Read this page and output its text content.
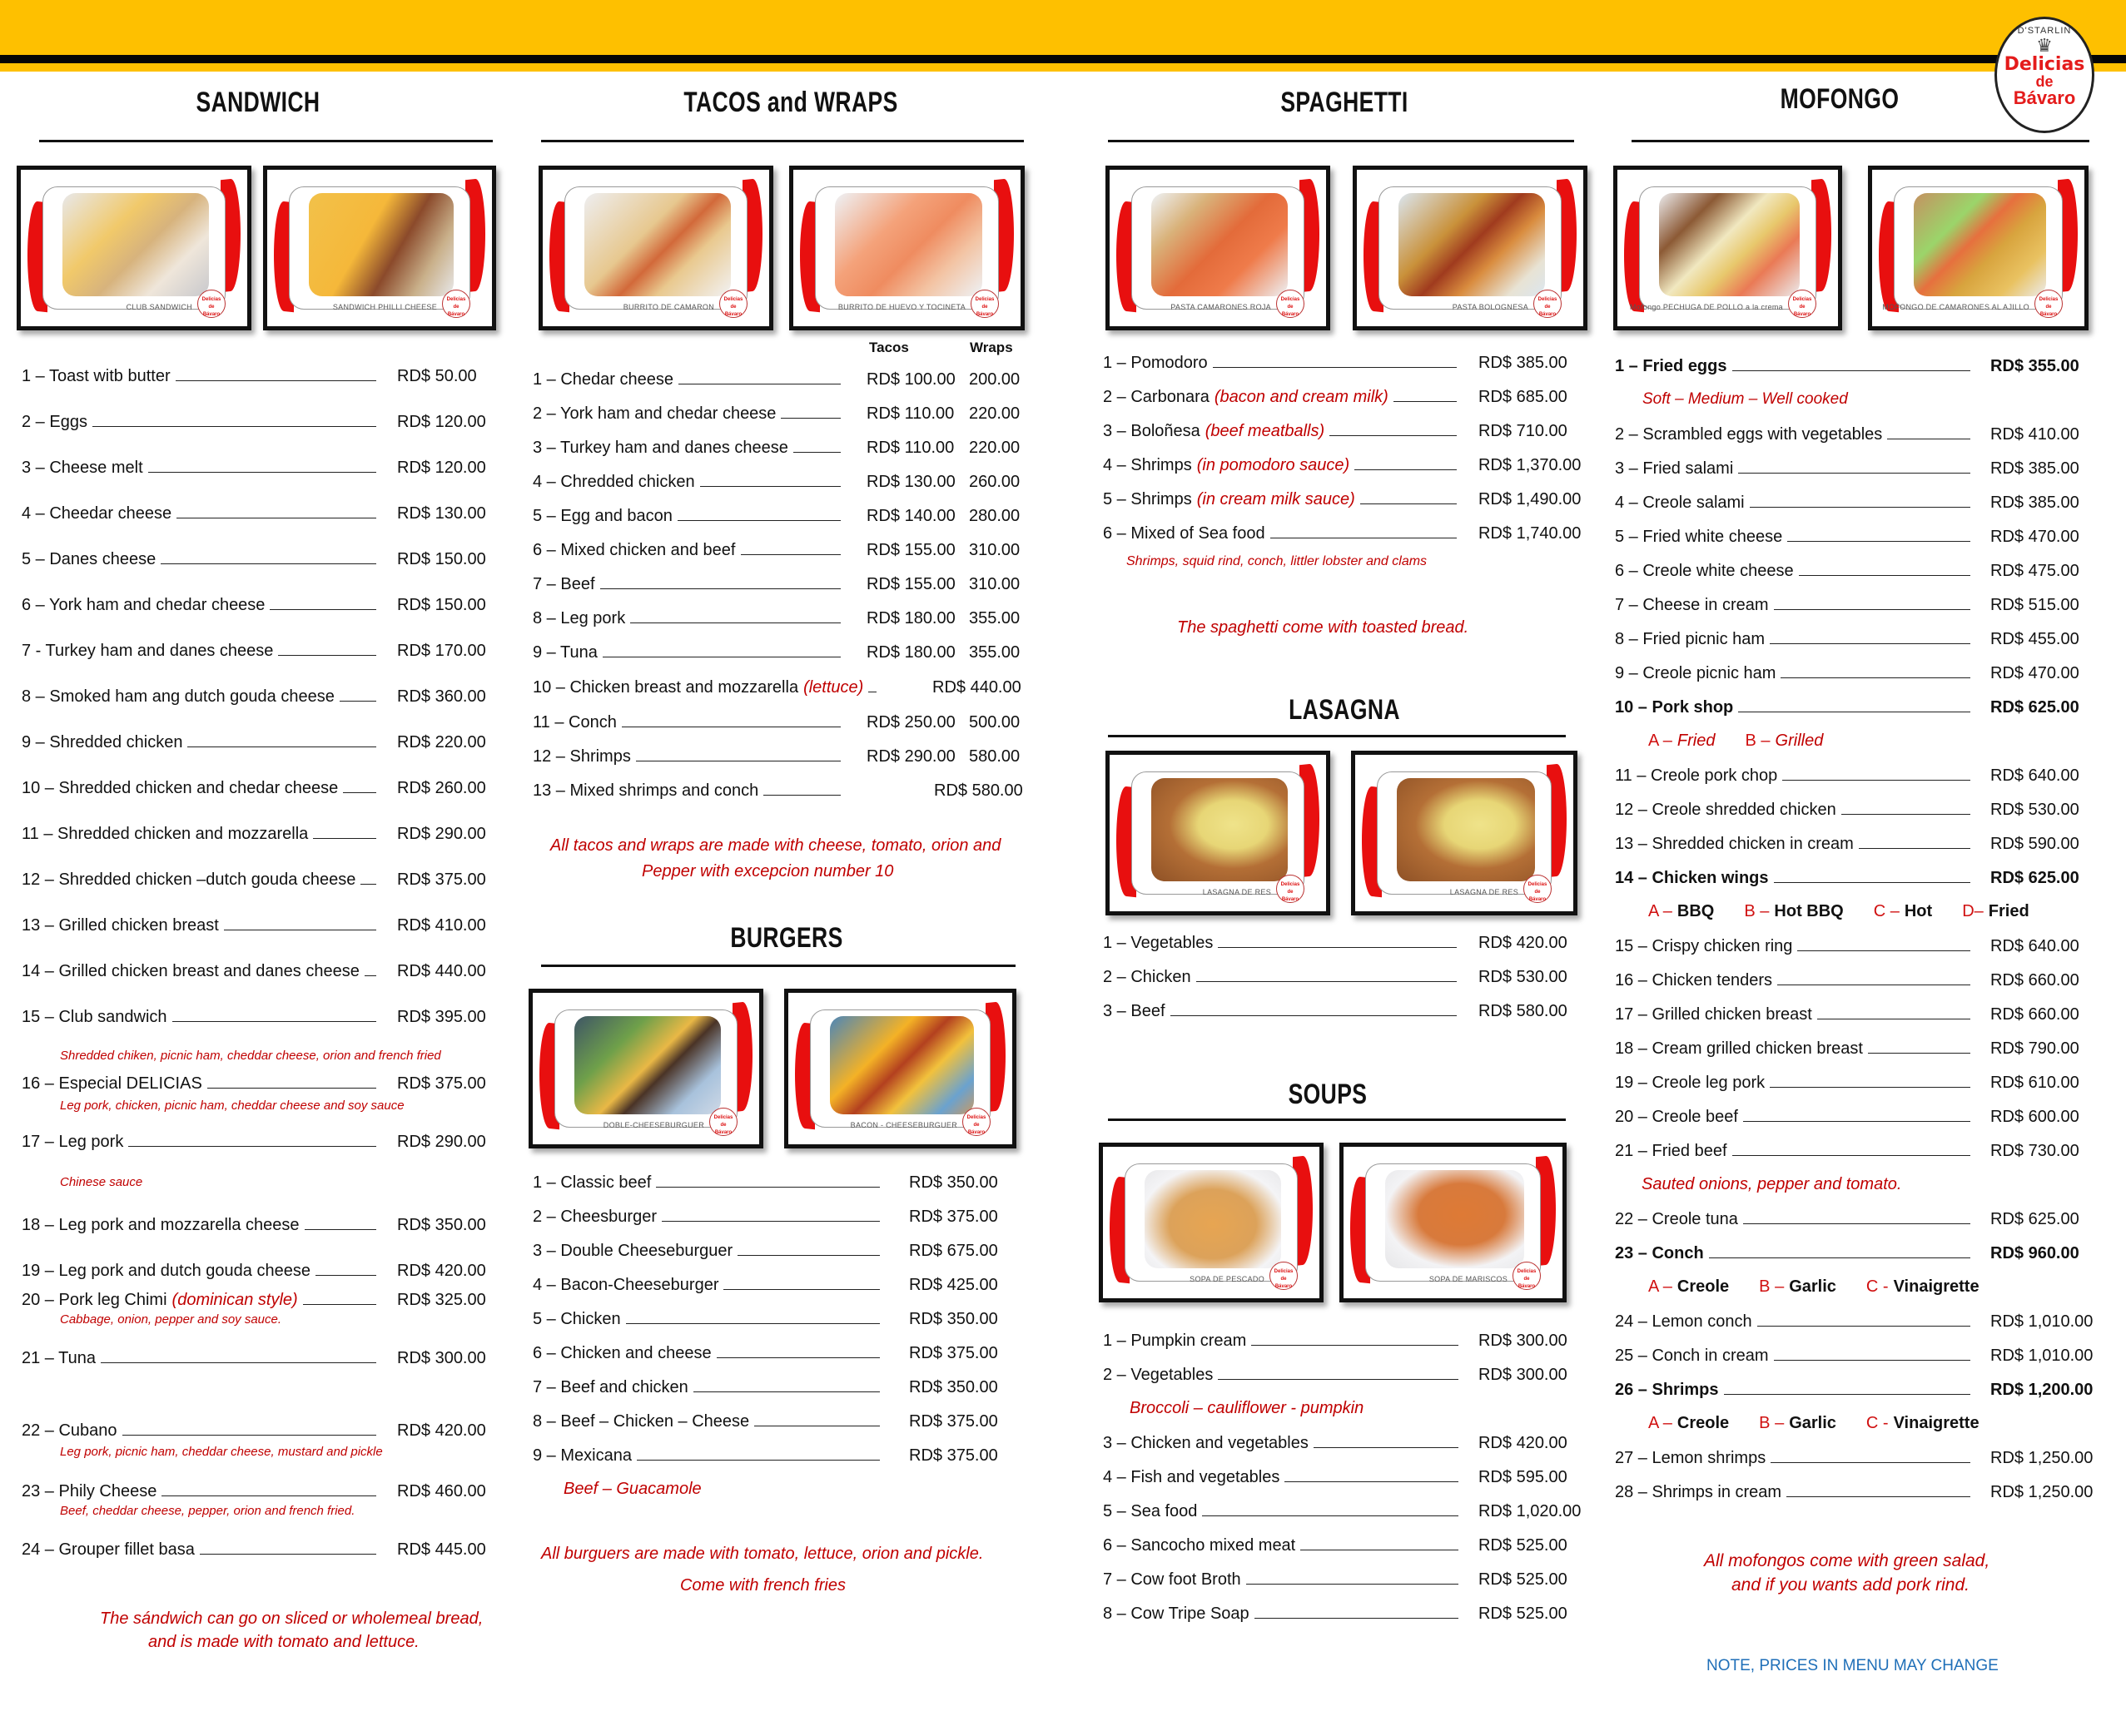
D'STARLIN
♛
Delicias
de
Bávaro
SANDWICH
CLUB SANDWICH
Delicias
de
Bávaro
SANDWICH PHILLI CHEESE
Delicias
de
Bávaro
1 – Toast witb butter	RD$ 50.00
2 – Eggs	RD$ 120.00
3 – Cheese melt	RD$ 120.00
4 – Cheedar cheese	RD$ 130.00
5 – Danes cheese	RD$ 150.00
6 – York ham and chedar cheese	RD$ 150.00
7 - Turkey ham and danes cheese	RD$ 170.00
8 – Smoked ham ang dutch gouda cheese	RD$ 360.00
9 – Shredded chicken	RD$ 220.00
10 – Shredded chicken and chedar cheese	RD$ 260.00
11 – Shredded chicken and mozzarella	RD$ 290.00
12 – Shredded chicken –dutch gouda cheese	RD$ 375.00
13 – Grilled chicken breast	RD$ 410.00
14 – Grilled chicken breast and danes cheese	RD$ 440.00
15 – Club sandwich	RD$ 395.00
Shredded chiken, picnic ham, cheddar cheese, orion and french fried
16 – Especial DELICIAS	RD$ 375.00
Leg pork, chicken, picnic ham, cheddar cheese and soy sauce
17 – Leg pork	RD$ 290.00
Chinese sauce
18 – Leg pork and mozzarella cheese	RD$ 350.00
19 – Leg pork and dutch gouda cheese	RD$ 420.00
20 – Pork leg Chimi (dominican style)	RD$ 325.00
Cabbage, onion, pepper and soy sauce.
21 – Tuna	RD$ 300.00
22 – Cubano	RD$ 420.00
Leg pork, picnic ham, cheddar cheese, mustard and pickle
23 – Phily Cheese	RD$ 460.00
Beef, cheddar cheese, pepper, orion and french fried.
24 – Grouper fillet basa	RD$ 445.00
The sándwich can go on sliced or wholemeal bread,
and is made with tomato and lettuce.
TACOS and WRAPS
BURRITO DE CAMARON
Delicias
de
Bávaro
BURRITO DE HUEVO Y TOCINETA
Delicias
de
Bávaro
Tacos	Wraps
1 – Chedar cheese	RD$ 100.00 200.00
2 – York ham and chedar cheese	RD$ 110.00 220.00
3 – Turkey ham and danes cheese	RD$ 110.00 220.00
4 – Chredded chicken	RD$ 130.00 260.00
5 – Egg and bacon	RD$ 140.00 280.00
6 – Mixed chicken and beef	RD$ 155.00 310.00
7 – Beef	RD$ 155.00 310.00
8 – Leg pork	RD$ 180.00 355.00
9 – Tuna	RD$ 180.00 355.00
10 – Chicken breast and mozzarella (lettuce)	RD$ 440.00
11 – Conch	RD$ 250.00 500.00
12 – Shrimps	RD$ 290.00 580.00
13 – Mixed shrimps and conch	RD$ 580.00
All tacos and wraps are made with cheese, tomato, orion and
Pepper with excepcion number 10
BURGERS
DOBLE-CHEESEBURGUER
Delicias
de
Bávaro
BACON - CHEESEBURGUER
Delicias
de
Bávaro
1 – Classic beef	RD$ 350.00
2 – Cheesburger	RD$ 375.00
3 – Double Cheeseburguer	RD$ 675.00
4 – Bacon-Cheeseburger	RD$ 425.00
5 – Chicken	RD$ 350.00
6 – Chicken and cheese	RD$ 375.00
7 – Beef and chicken	RD$ 350.00
8 – Beef – Chicken – Cheese	RD$ 375.00
9 – Mexicana	RD$ 375.00
Beef – Guacamole
All burguers are made with tomato, lettuce, orion and pickle.
Come with french fries
SPAGHETTI
PASTA CAMARONES ROJA
Delicias
de
Bávaro
PASTA BOLOGNESA
Delicias
de
Bávaro
1 – Pomodoro	RD$ 385.00
2 – Carbonara (bacon and cream milk)	RD$ 685.00
3 – Boloñesa (beef meatballs)	RD$ 710.00
4 – Shrimps (in pomodoro sauce)	RD$ 1,370.00
5 – Shrimps (in cream milk sauce)	RD$ 1,490.00
6 – Mixed of Sea food	RD$ 1,740.00
Shrimps, squid rind, conch, littler lobster and clams
The spaghetti come with toasted bread.
LASAGNA
LASAGNA DE RES
Delicias
de
Bávaro
LASAGNA DE RES
Delicias
de
Bávaro
1 – Vegetables	RD$ 420.00
2 – Chicken	RD$ 530.00
3 – Beef	RD$ 580.00
SOUPS
SOPA DE PESCADO
Delicias
de
Bávaro
SOPA DE MARISCOS
Delicias
de
Bávaro
1 – Pumpkin cream	RD$ 300.00
2 – Vegetables	RD$ 300.00
Broccoli – cauliflower - pumpkin
3 – Chicken and vegetables	RD$ 420.00
4 – Fish and vegetables	RD$ 595.00
5 – Sea food	RD$ 1,020.00
6 – Sancocho mixed meat	RD$ 525.00
7 – Cow foot Broth	RD$ 525.00
8 – Cow Tripe Soap	RD$ 525.00
MOFONGO
Mofongo PECHUGA DE POLLO a la crema
Delicias
de
Bávaro
MOFONGO DE CAMARONES AL AJILLO
Delicias
de
Bávaro
1 – Fried eggs	RD$ 355.00
Soft – Medium – Well cooked
2 – Scrambled eggs with vegetables	RD$ 410.00
3 – Fried salami	RD$ 385.00
4 – Creole salami	RD$ 385.00
5 – Fried white cheese	RD$ 470.00
6 – Creole white cheese	RD$ 475.00
7 – Cheese in cream	RD$ 515.00
8 – Fried picnic ham	RD$ 455.00
9 – Creole picnic ham	RD$ 470.00
10 – Pork shop	RD$ 625.00
A – Fried B – Grilled
11 – Creole pork chop	RD$ 640.00
12 – Creole shredded chicken	RD$ 530.00
13 – Shredded chicken in cream	RD$ 590.00
14 – Chicken wings	RD$ 625.00
A – BBQ B – Hot BBQ C – Hot D– Fried
15 – Crispy chicken ring	RD$ 640.00
16 – Chicken tenders	RD$ 660.00
17 – Grilled chicken breast	RD$ 660.00
18 – Cream grilled chicken breast	RD$ 790.00
19 – Creole leg pork	RD$ 610.00
20 – Creole beef	RD$ 600.00
21 – Fried beef	RD$ 730.00
Sauted onions, pepper and tomato.
22 – Creole tuna	RD$ 625.00
23 – Conch	RD$ 960.00
A – Creole B – Garlic C - Vinaigrette
24 – Lemon conch	RD$ 1,010.00
25 – Conch in cream	RD$ 1,010.00
26 – Shrimps	RD$ 1,200.00
A – Creole B – Garlic C - Vinaigrette
27 – Lemon shrimps	RD$ 1,250.00
28 – Shrimps in cream	RD$ 1,250.00
All mofongos come with green salad,
and if you wants add pork rind.
NOTE, PRICES IN MENU MAY CHANGE
